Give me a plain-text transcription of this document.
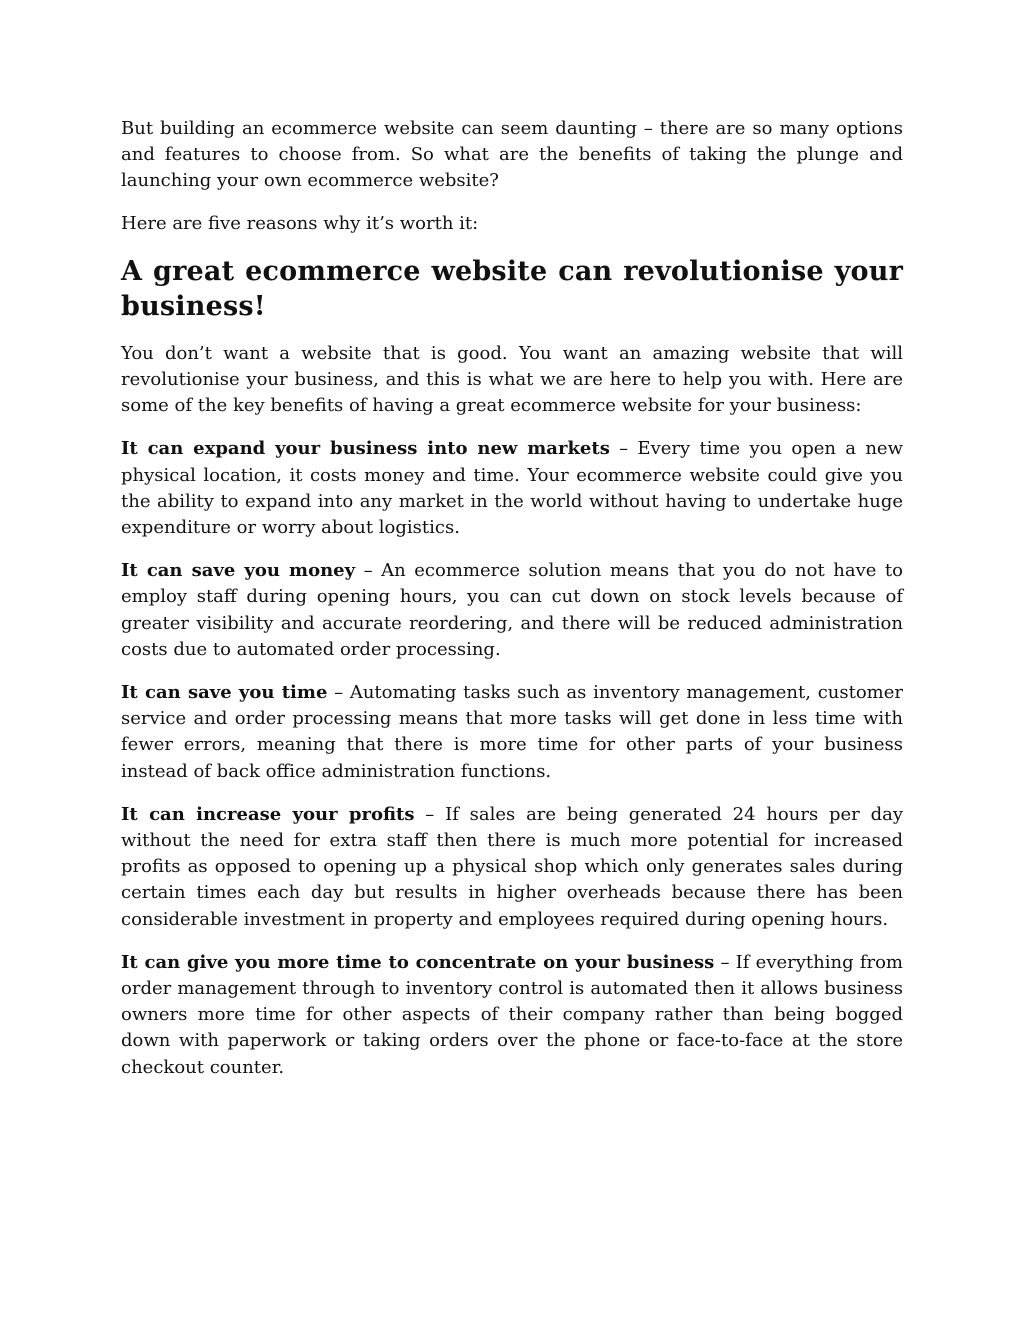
But building an ecommerce website can seem daunting – there are so many options and features to choose from. So what are the benefits of taking the plunge and launching your own ecommerce website?

Here are five reasons why it’s worth it:

A great ecommerce website can revolutionise your business!

You don’t want a website that is good. You want an amazing website that will revolutionise your business, and this is what we are here to help you with. Here are some of the key benefits of having a great ecommerce website for your business:

It can expand your business into new markets – Every time you open a new physical location, it costs money and time. Your ecommerce website could give you the ability to expand into any market in the world without having to undertake huge expenditure or worry about logistics.

It can save you money – An ecommerce solution means that you do not have to employ staff during opening hours, you can cut down on stock levels because of greater visibility and accurate reordering, and there will be reduced administration costs due to automated order processing.

It can save you time – Automating tasks such as inventory management, customer service and order processing means that more tasks will get done in less time with fewer errors, meaning that there is more time for other parts of your business instead of back office administration functions.

It can increase your profits – If sales are being generated 24 hours per day without the need for extra staff then there is much more potential for increased profits as opposed to opening up a physical shop which only generates sales during certain times each day but results in higher overheads because there has been considerable investment in property and employees required during opening hours.

It can give you more time to concentrate on your business – If everything from order management through to inventory control is automated then it allows business owners more time for other aspects of their company rather than being bogged down with paperwork or taking orders over the phone or face-to-face at the store checkout counter.
